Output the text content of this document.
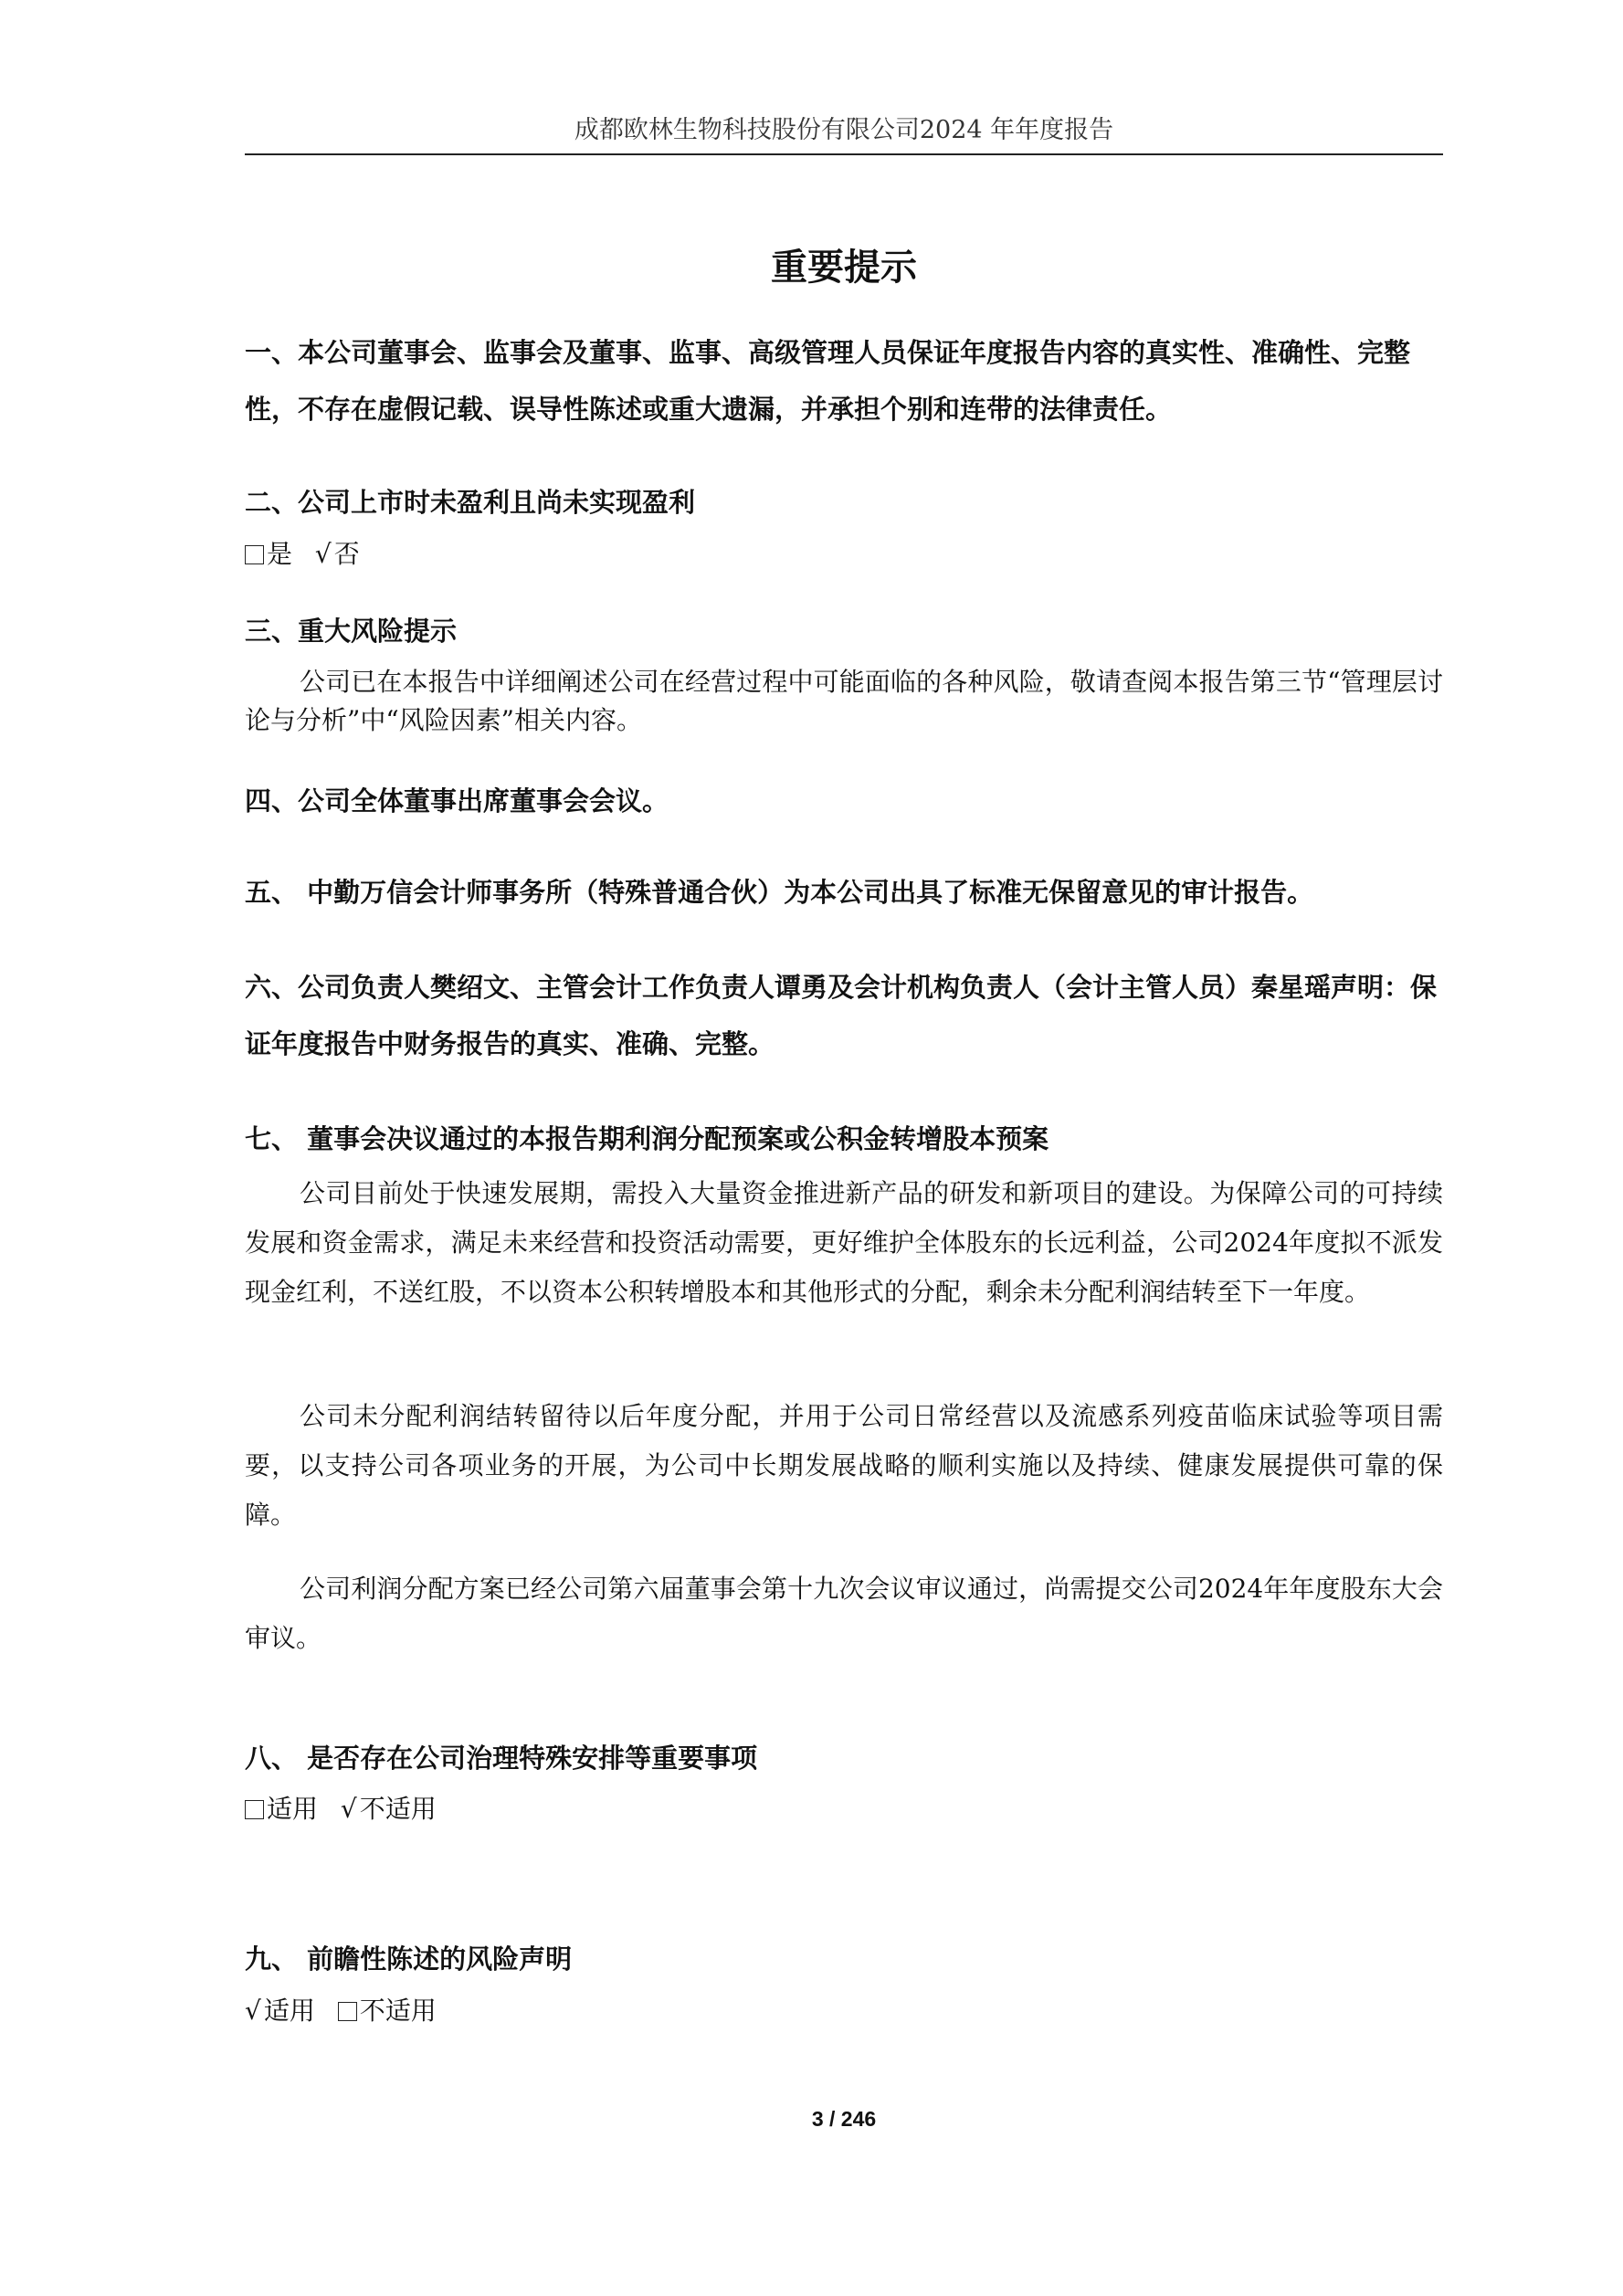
成都欧林生物科技股份有限公司2024 年年度报告
重要提示
一、本公司董事会、监事会及董事、监事、高级管理人员保证年度报告内容的真实性、准确性、完整性，不存在虚假记载、误导性陈述或重大遗漏，并承担个别和连带的法律责任。
二、公司上市时未盈利且尚未实现盈利
是 √ 否
三、重大风险提示
公司已在本报告中详细阐述公司在经营过程中可能面临的各种风险，敬请查阅本报告第三节“管理层讨论与分析”中“风险因素”相关内容。
四、公司全体董事出席董事会会议。
五、 中勤万信会计师事务所（特殊普通合伙）为本公司出具了标准无保留意见的审计报告。
六、公司负责人樊绍文、主管会计工作负责人谭勇及会计机构负责人（会计主管人员）秦星瑶声明：保证年度报告中财务报告的真实、准确、完整。
七、 董事会决议通过的本报告期利润分配预案或公积金转增股本预案
公司目前处于快速发展期，需投入大量资金推进新产品的研发和新项目的建设。为保障公司的可持续发展和资金需求，满足未来经营和投资活动需要，更好维护全体股东的长远利益，公司2024年度拟不派发现金红利，不送红股，不以资本公积转增股本和其他形式的分配，剩余未分配利润结转至下一年度。
公司未分配利润结转留待以后年度分配，并用于公司日常经营以及流感系列疫苗临床试验等项目需要，以支持公司各项业务的开展，为公司中长期发展战略的顺利实施以及持续、健康发展提供可靠的保障。
公司利润分配方案已经公司第六届董事会第十九次会议审议通过，尚需提交公司2024年年度股东大会审议。
八、 是否存在公司治理特殊安排等重要事项
适用 √ 不适用
九、 前瞻性陈述的风险声明
√ 适用 不适用
3 / 246
